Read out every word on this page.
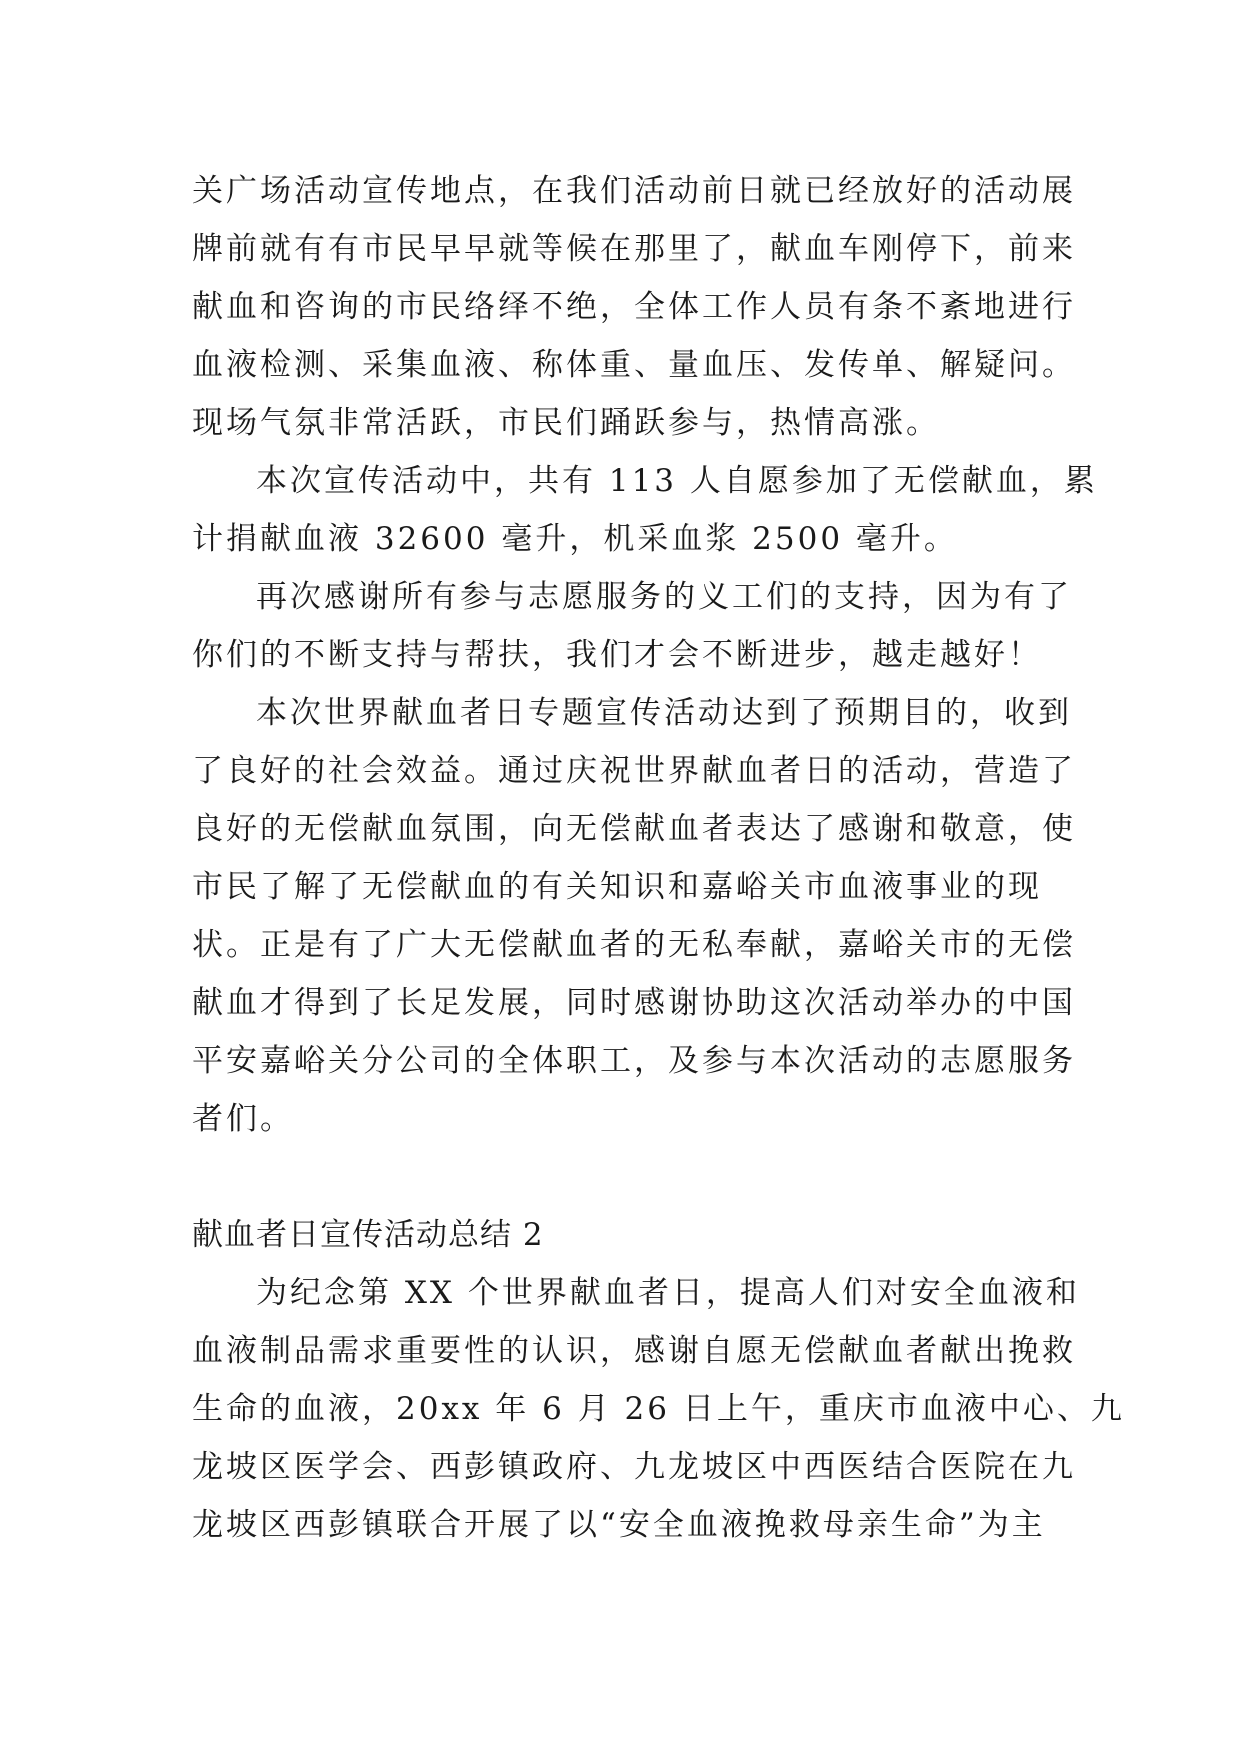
关广场活动宣传地点，在我们活动前日就已经放好的活动展
牌前就有有市民早早就等候在那里了，献血车刚停下，前来
献血和咨询的市民络绎不绝，全体工作人员有条不紊地进行
血液检测、采集血液、称体重、量血压、发传单、解疑问。
现场气氛非常活跃，市民们踊跃参与，热情高涨。
本次宣传活动中，共有 113 人自愿参加了无偿献血，累
计捐献血液 32600 毫升，机采血浆 2500 毫升。
再次感谢所有参与志愿服务的义工们的支持，因为有了
你们的不断支持与帮扶，我们才会不断进步，越走越好！
本次世界献血者日专题宣传活动达到了预期目的，收到
了良好的社会效益。通过庆祝世界献血者日的活动，营造了
良好的无偿献血氛围，向无偿献血者表达了感谢和敬意，使
市民了解了无偿献血的有关知识和嘉峪关市血液事业的现
状。正是有了广大无偿献血者的无私奉献，嘉峪关市的无偿
献血才得到了长足发展，同时感谢协助这次活动举办的中国
平安嘉峪关分公司的全体职工，及参与本次活动的志愿服务
者们。
献血者日宣传活动总结 2
为纪念第 XX 个世界献血者日，提高人们对安全血液和
血液制品需求重要性的认识，感谢自愿无偿献血者献出挽救
生命的血液，20xx 年 6 月 26 日上午，重庆市血液中心、九
龙坡区医学会、西彭镇政府、九龙坡区中西医结合医院在九
龙坡区西彭镇联合开展了以“安全血液挽救母亲生命”为主
